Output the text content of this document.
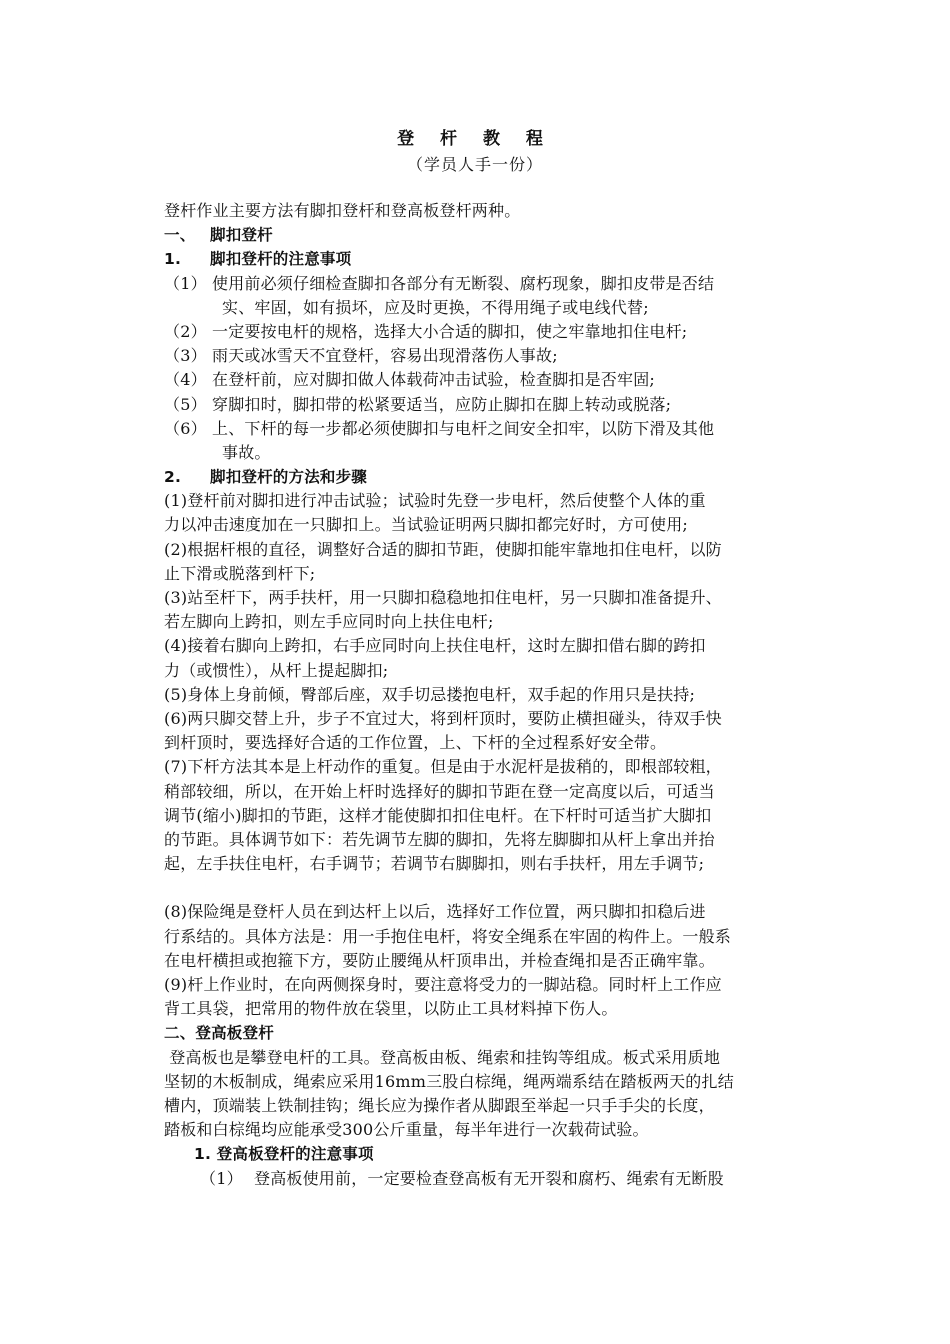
登 杆 教 程
（学员人手一份）
登杆作业主要方法有脚扣登杆和登高板登杆两种。
一、 脚扣登杆
1. 脚扣登杆的注意事项
（1） 使用前必须仔细检查脚扣各部分有无断裂、腐朽现象，脚扣皮带是否结
实、牢固，如有损坏，应及时更换，不得用绳子或电线代替;
（2） 一定要按电杆的规格，选择大小合适的脚扣，使之牢靠地扣住电杆;
（3） 雨天或冰雪天不宜登杆，容易出现滑落伤人事故;
（4） 在登杆前，应对脚扣做人体载荷冲击试验，检查脚扣是否牢固;
（5） 穿脚扣时，脚扣带的松紧要适当，应防止脚扣在脚上转动或脱落;
（6） 上、下杆的每一步都必须使脚扣与电杆之间安全扣牢，以防下滑及其他
事故。
2. 脚扣登杆的方法和步骤
(1)登杆前对脚扣进行冲击试验；试验时先登一步电杆，然后使整个人体的重
力以冲击速度加在一只脚扣上。当试验证明两只脚扣都完好时，方可使用;
(2)根据杆根的直径，调整好合适的脚扣节距，使脚扣能牢靠地扣住电杆，以防
止下滑或脱落到杆下;
(3)站至杆下，两手扶杆，用一只脚扣稳稳地扣住电杆，另一只脚扣准备提升、
若左脚向上跨扣，则左手应同时向上扶住电杆;
(4)接着右脚向上跨扣，右手应同时向上扶住电杆，这时左脚扣借右脚的跨扣
力（或惯性），从杆上提起脚扣;
(5)身体上身前倾，臀部后座，双手切忌搂抱电杆，双手起的作用只是扶持;
(6)两只脚交替上升，步子不宜过大，将到杆顶时，要防止横担碰头，待双手快
到杆顶时，要选择好合适的工作位置，上、下杆的全过程系好安全带。
(7)下杆方法其本是上杆动作的重复。但是由于水泥杆是拔稍的，即根部较粗，
稍部较细，所以，在开始上杆时选择好的脚扣节距在登一定高度以后，可适当
调节(缩小)脚扣的节距，这样才能使脚扣扣住电杆。在下杆时可适当扩大脚扣
的节距。具体调节如下：若先调节左脚的脚扣，先将左脚脚扣从杆上拿出并抬
起，左手扶住电杆，右手调节；若调节右脚脚扣，则右手扶杆，用左手调节;
(8)保险绳是登杆人员在到达杆上以后，选择好工作位置，两只脚扣扣稳后进
行系结的。具体方法是：用一手抱住电杆，将安全绳系在牢固的构件上。一般系
在电杆横担或抱箍下方，要防止腰绳从杆顶串出，并检查绳扣是否正确牢靠。
(9)杆上作业时，在向两侧探身时，要注意将受力的一脚站稳。同时杆上工作应
背工具袋，把常用的物件放在袋里，以防止工具材料掉下伤人。
二、登高板登杆
登高板也是攀登电杆的工具。登高板由板、绳索和挂钩等组成。板式采用质地
坚韧的木板制成，绳索应采用16mm三股白棕绳，绳两端系结在踏板两天的扎结
槽内，顶端装上铁制挂钩；绳长应为操作者从脚跟至举起一只手手尖的长度，
踏板和白棕绳均应能承受300公斤重量，每半年进行一次载荷试验。
1. 登高板登杆的注意事项
（1） 登高板使用前，一定要检查登高板有无开裂和腐朽、绳索有无断股
